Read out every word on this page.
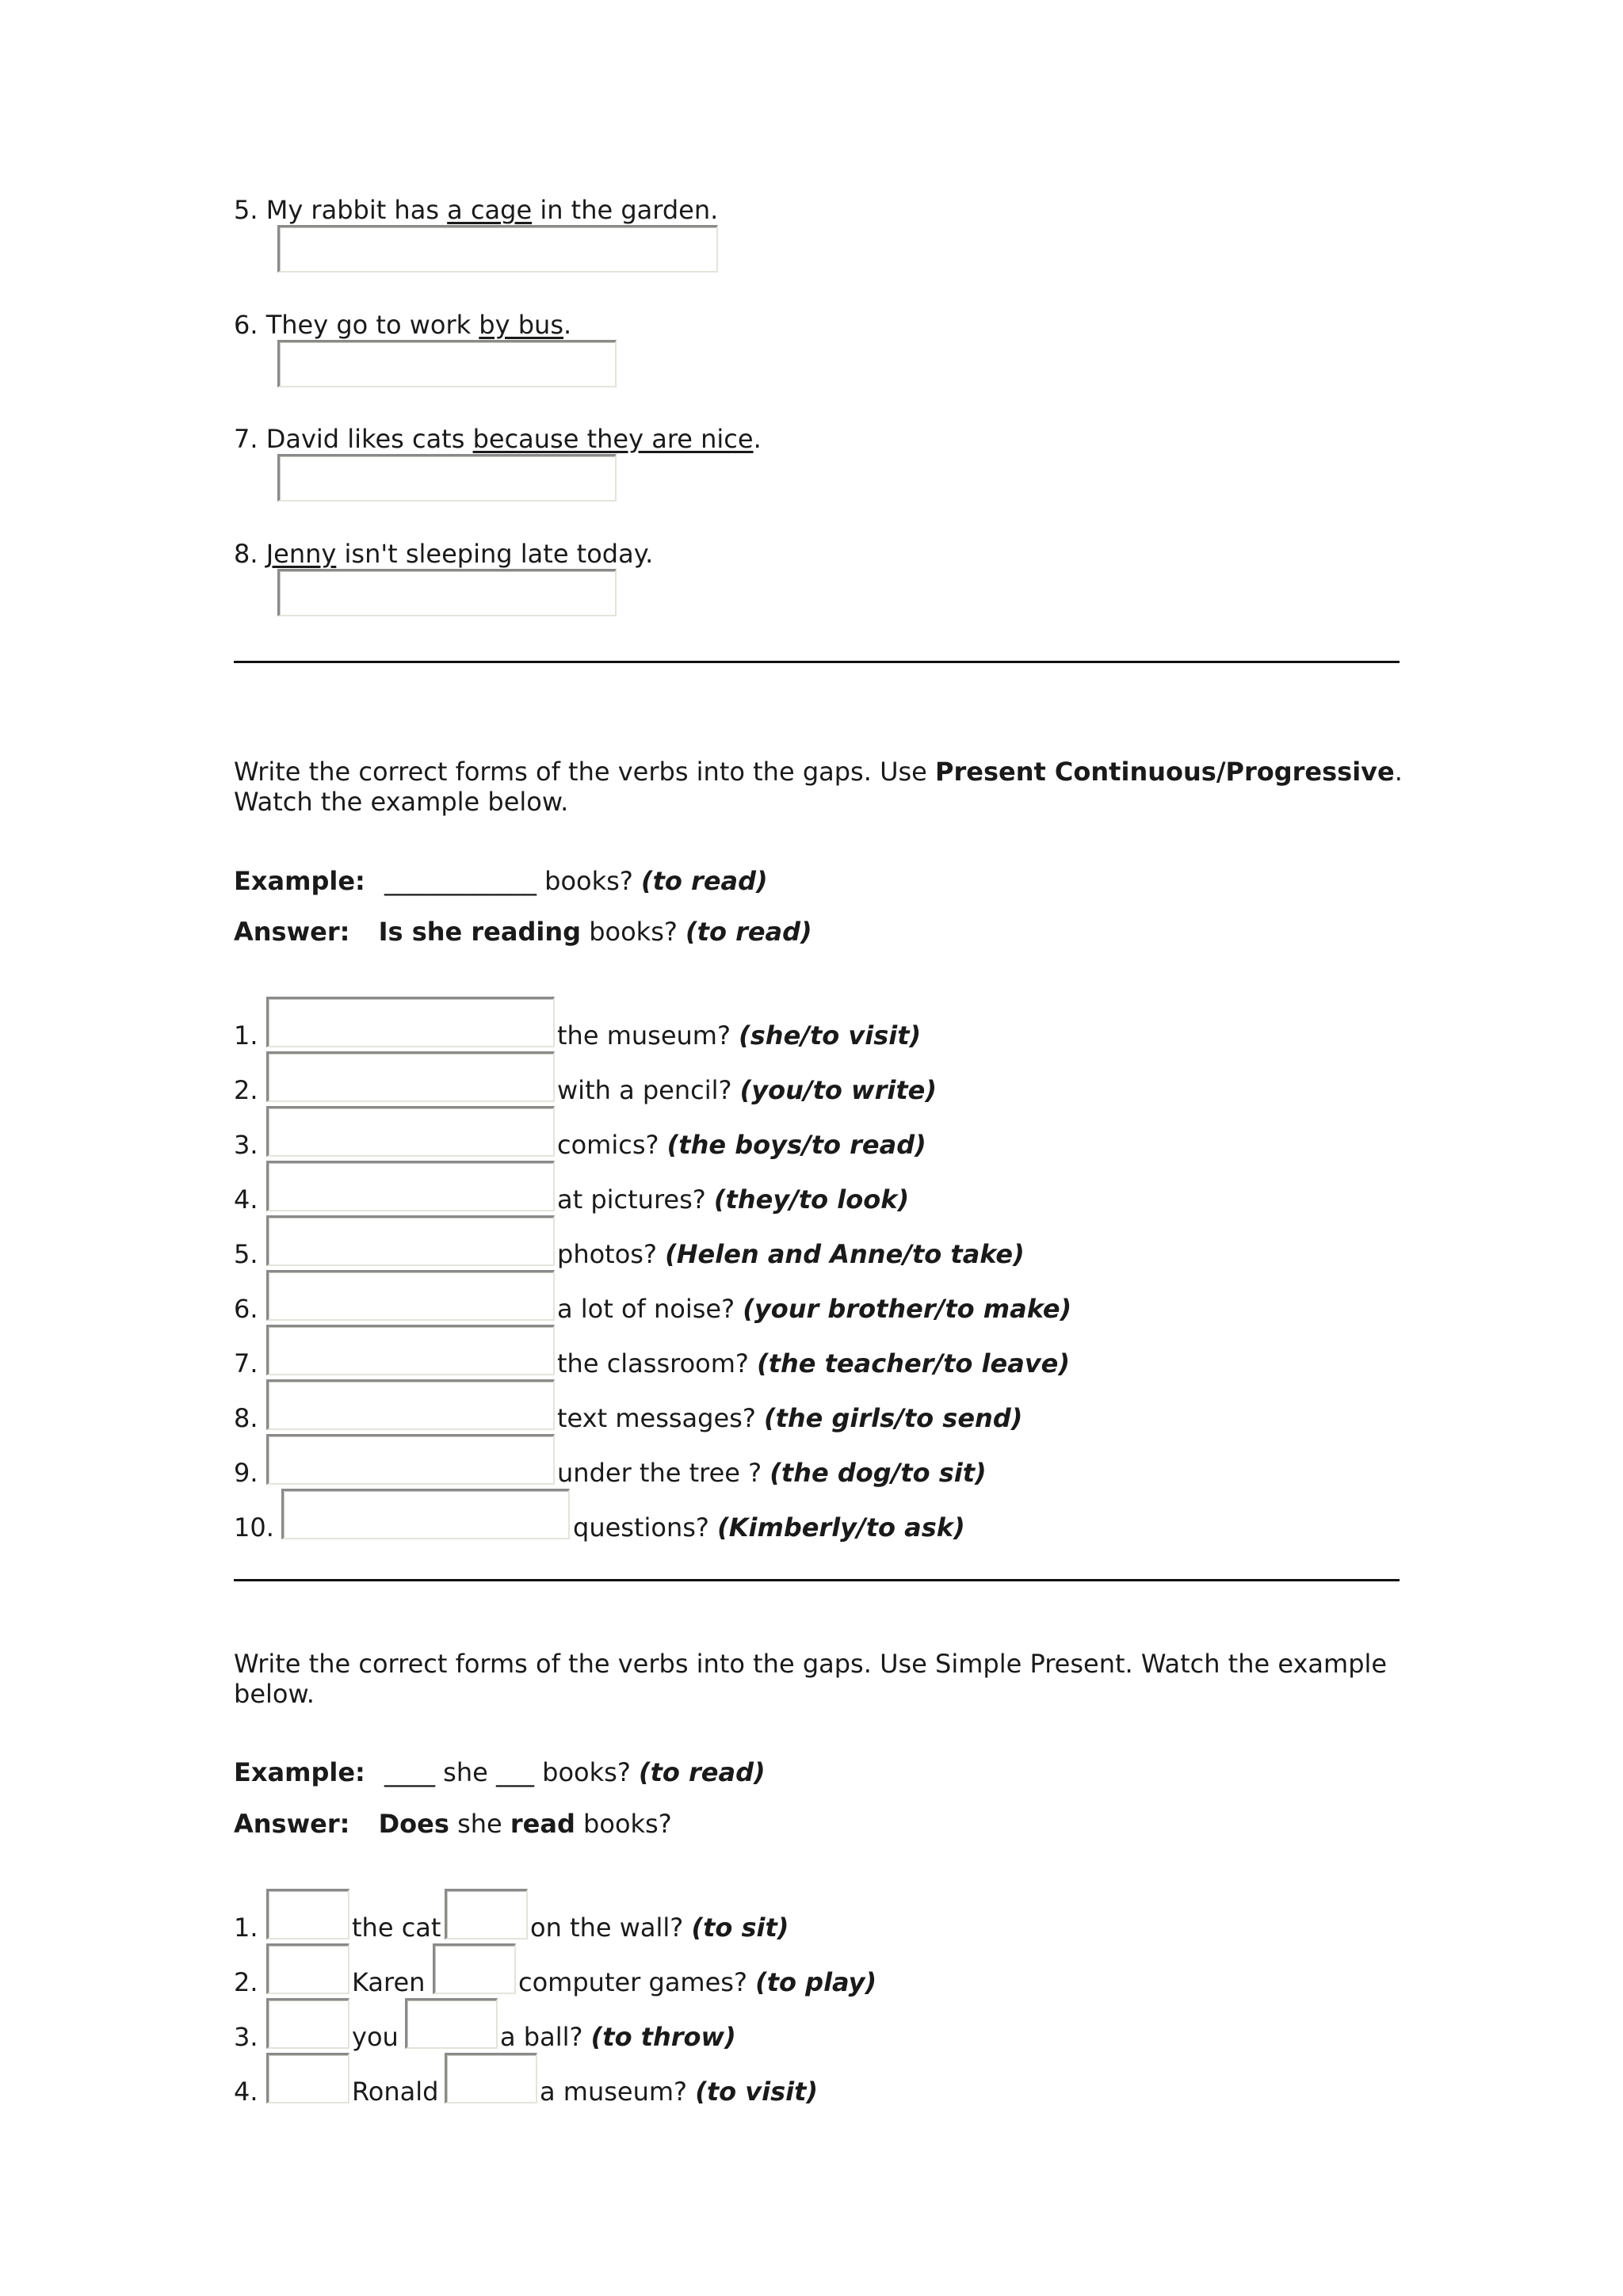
5. My rabbit has a cage in the garden.
6. They go to work by bus.
7. David likes cats because they are nice.
8. Jenny isn't sleeping late today.
Write the correct forms of the verbs into the gaps. Use Present Continuous/Progressive. Watch the example below.
Example: ____________ books? (to read)
Answer: Is she reading books? (to read)
1.	the museum? (she/to visit)
2.	with a pencil? (you/to write)
3.	comics? (the boys/to read)
4.	at pictures? (they/to look)
5.	photos? (Helen and Anne/to take)
6.	a lot of noise? (your brother/to make)
7.	the classroom? (the teacher/to leave)
8.	text messages? (the girls/to send)
9.	under the tree ? (the dog/to sit)
10.	questions? (Kimberly/to ask)
Write the correct forms of the verbs into the gaps. Use Simple Present. Watch the example below.
Example: ____ she ___ books? (to read)
Answer: Does she read books?
1.	the cat	on the wall? (to sit)
2.	Karen	computer games? (to play)
3.	you	a ball? (to throw)
4.	Ronald	a museum? (to visit)
